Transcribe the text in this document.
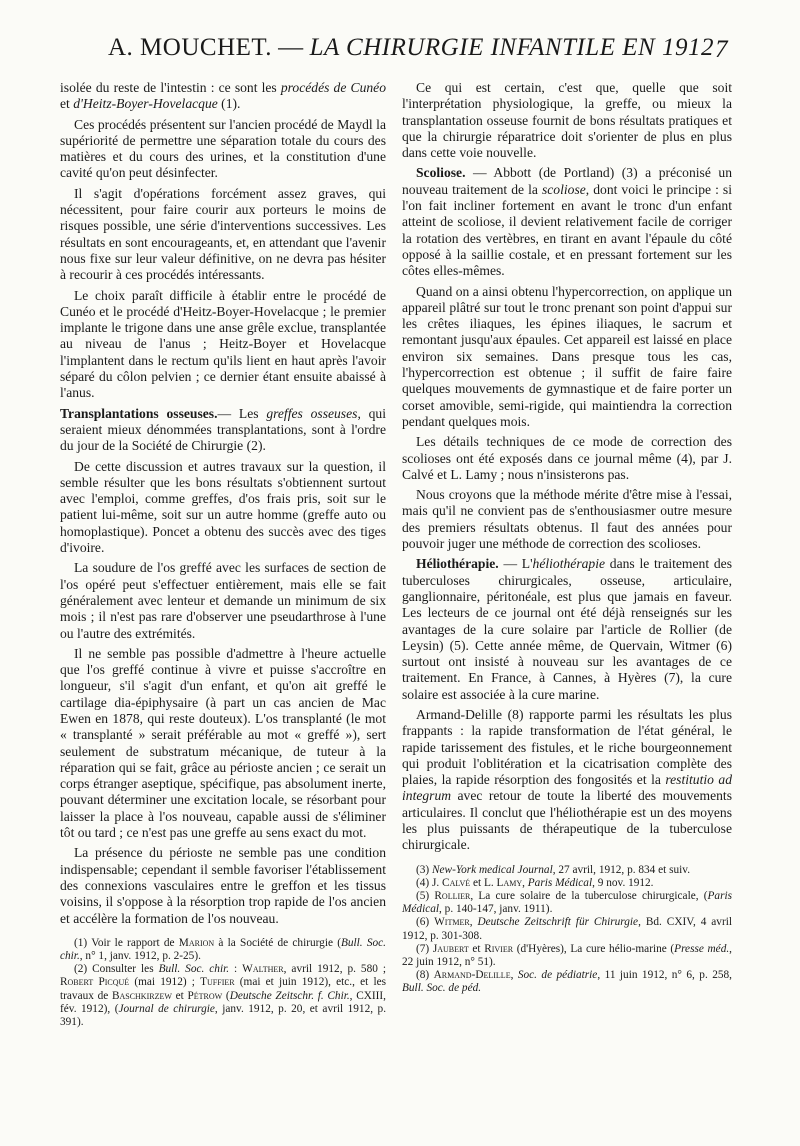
A. MOUCHET. — LA CHIRURGIE INFANTILE EN 1912 7

isolée du reste de l'intestin : ce sont les procédés de Cunéo et d'Heitz-Boyer-Hovelacque (1).

Ces procédés présentent sur l'ancien procédé de Maydl la supériorité de permettre une séparation totale du cours des matières et du cours des urines, et la constitution d'une cavité qu'on peut désinfecter.

Il s'agit d'opérations forcément assez graves, qui nécessitent, pour faire courir aux porteurs le moins de risques possible, une série d'interventions successives. Les résultats en sont encourageants, et, en attendant que l'avenir nous fixe sur leur valeur définitive, on ne devra pas hésiter à recourir à ces procédés intéressants.

Le choix paraît difficile à établir entre le procédé de Cunéo et le procédé d'Heitz-Boyer-Hovelacque ; le premier implante le trigone dans une anse grêle exclue, transplantée au niveau de l'anus ; Heitz-Boyer et Hovelacque l'implantent dans le rectum qu'ils lient en haut après l'avoir séparé du côlon pelvien ; ce dernier étant ensuite abaissé à l'anus.

Transplantations osseuses.— Les greffes osseuses, qui seraient mieux dénommées transplantations, sont à l'ordre du jour de la Société de Chirurgie (2).

De cette discussion et autres travaux sur la question, il semble résulter que les bons résultats s'obtiennent surtout avec l'emploi, comme greffes, d'os frais pris, soit sur le patient lui-même, soit sur un autre homme (greffe auto ou homoplastique). Poncet a obtenu des succès avec des tiges d'ivoire.

La soudure de l'os greffé avec les surfaces de section de l'os opéré peut s'effectuer entièrement, mais elle se fait généralement avec lenteur et demande un minimum de six mois ; il n'est pas rare d'observer une pseudarthrose à l'une ou l'autre des extrémités.

Il ne semble pas possible d'admettre à l'heure actuelle que l'os greffé continue à vivre et puisse s'accroître en longueur, s'il s'agit d'un enfant, et qu'on ait greffé le cartilage dia-épiphysaire (à part un cas ancien de Mac Ewen en 1878, qui reste douteux). L'os transplanté (le mot « transplanté » serait préférable au mot « greffé »), sert seulement de substratum mécanique, de tuteur à la réparation qui se fait, grâce au périoste ancien ; ce serait un corps étranger aseptique, spécifique, pas absolument inerte, pouvant déterminer une excitation locale, se résorbant pour laisser la place à l'os nouveau, capable aussi de s'éliminer tôt ou tard ; ce n'est pas une greffe au sens exact du mot.

La présence du périoste ne semble pas une condition indispensable; cependant il semble favoriser l'établissement des connexions vasculaires entre le greffon et les tissus voisins, il s'oppose à la résorption trop rapide de l'os ancien et accélère la formation de l'os nouveau.

(1) Voir le rapport de Marion à la Société de chirurgie (Bull. Soc. chir., n° 1, janv. 1912, p. 2-25).

(2) Consulter les Bull. Soc. chir. : Walther, avril 1912, p. 580 ; Robert Picqué (mai 1912) ; Tuffier (mai et juin 1912), etc., et les travaux de Baschkirzew et Pétrow (Deutsche Zeitschr. f. Chir., CXIII, fév. 1912), (Journal de chirurgie, janv. 1912, p. 20, et avril 1912, p. 391).

Ce qui est certain, c'est que, quelle que soit l'interprétation physiologique, la greffe, ou mieux la transplantation osseuse fournit de bons résultats pratiques et que la chirurgie réparatrice doit s'orienter de plus en plus dans cette voie nouvelle.

Scoliose. — Abbott (de Portland) (3) a préconisé un nouveau traitement de la scoliose, dont voici le principe : si l'on fait incliner fortement en avant le tronc d'un enfant atteint de scoliose, il devient relativement facile de corriger la rotation des vertèbres, en tirant en avant l'épaule du côté opposé à la saillie costale, et en pressant fortement sur les côtes elles-mêmes.

Quand on a ainsi obtenu l'hypercorrection, on applique un appareil plâtré sur tout le tronc prenant son point d'appui sur les crêtes iliaques, les épines iliaques, le sacrum et remontant jusqu'aux épaules. Cet appareil est laissé en place environ six semaines. Dans presque tous les cas, l'hypercorrection est obtenue ; il suffit de faire faire quelques mouvements de gymnastique et de faire porter un corset amovible, semi-rigide, qui maintiendra la correction pendant quelques mois.

Les détails techniques de ce mode de correction des scolioses ont été exposés dans ce journal même (4), par J. Calvé et L. Lamy ; nous n'insisterons pas.

Nous croyons que la méthode mérite d'être mise à l'essai, mais qu'il ne convient pas de s'enthousiasmer outre mesure des premiers résultats obtenus. Il faut des années pour pouvoir juger une méthode de correction des scolioses.

Héliothérapie. — L'héliothérapie dans le traitement des tuberculoses chirurgicales, osseuse, articulaire, ganglionnaire, péritonéale, est plus que jamais en faveur. Les lecteurs de ce journal ont été déjà renseignés sur les avantages de la cure solaire par l'article de Rollier (de Leysin) (5). Cette année même, de Quervain, Witmer (6) surtout ont insisté à nouveau sur les avantages de ce traitement. En France, à Cannes, à Hyères (7), la cure solaire est associée à la cure marine.

Armand-Delille (8) rapporte parmi les résultats les plus frappants : la rapide transformation de l'état général, le rapide tarissement des fistules, et le riche bourgeonnement qui produit l'oblitération et la cicatrisation complète des plaies, la rapide résorption des fongosités et la restitutio ad integrum avec retour de toute la liberté des mouvements articulaires. Il conclut que l'héliothérapie est un des moyens les plus puissants de thérapeutique de la tuberculose chirurgicale.

(3) New-York medical Journal, 27 avril, 1912, p. 834 et suiv.

(4) J. Calvé et L. Lamy, Paris Médical, 9 nov. 1912.

(5) Rollier, La cure solaire de la tuberculose chirurgicale, (Paris Médical, p. 140-147, janv. 1911).

(6) Witmer, Deutsche Zeitschrift für Chirurgie, Bd. CXIV, 4 avril 1912, p. 301-308.

(7) Jaubert et Rivier (d'Hyères), La cure hélio-marine (Presse méd., 22 juin 1912, n° 51).

(8) Armand-Delille, Soc. de pédiatrie, 11 juin 1912, n° 6, p. 258, Bull. Soc. de péd.
